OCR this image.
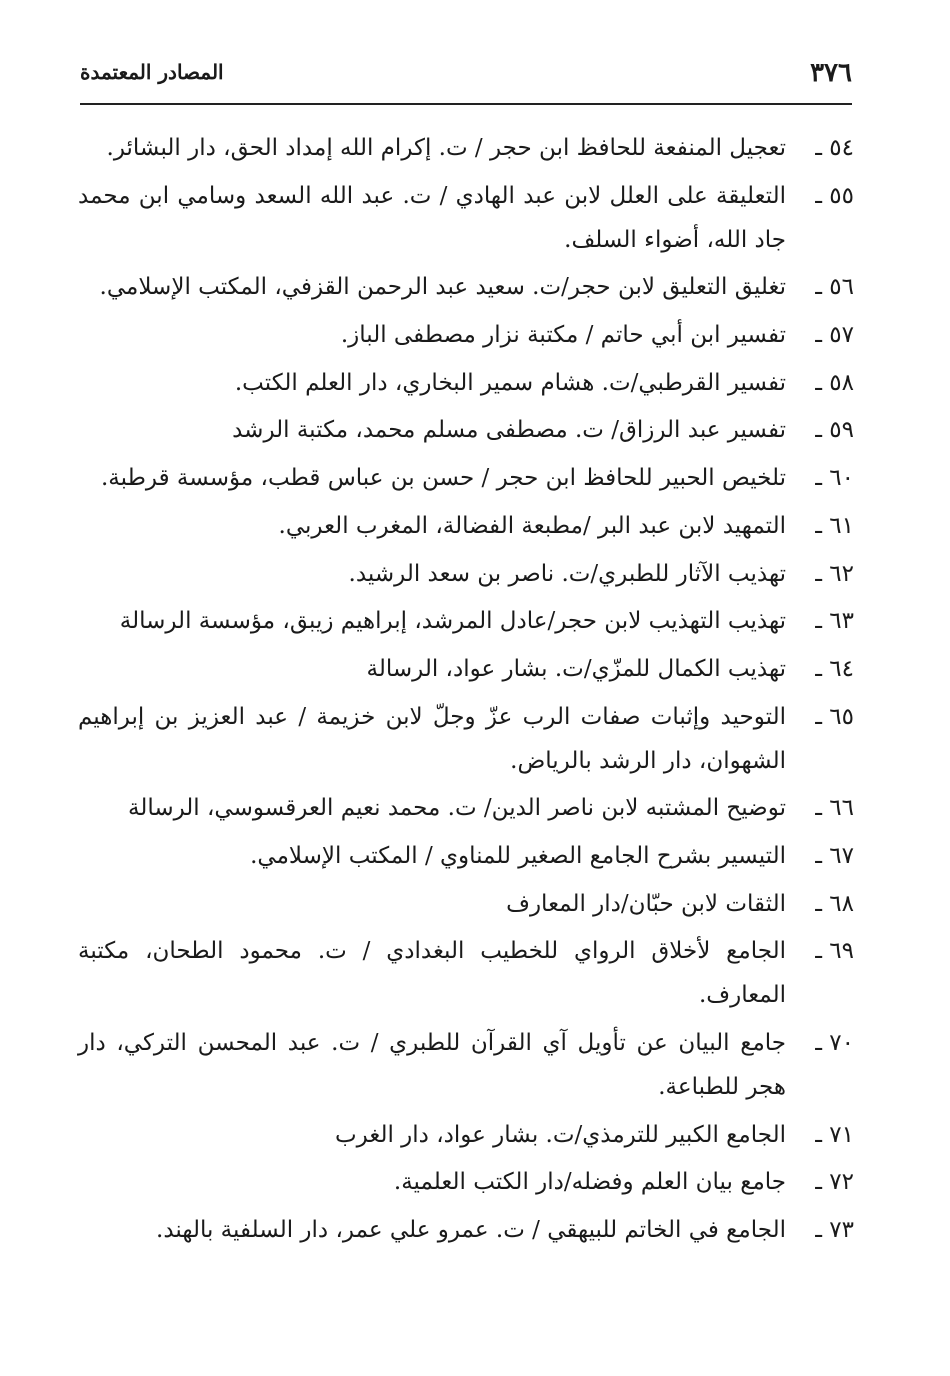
٣٧٦
المصادر المعتمدة
٥٤ ـ
تعجيل المنفعة للحافظ ابن حجر / ت. إكرام الله إمداد الحق، دار البشائر.
٥٥ ـ
التعليقة على العلل لابن عبد الهادي / ت. عبد الله السعد وسامي ابن محمد جاد الله، أضواء السلف.
٥٦ ـ
تغليق التعليق لابن حجر/ت. سعيد عبد الرحمن القزفي، المكتب الإسلامي.
٥٧ ـ
تفسير ابن أبي حاتم / مكتبة نزار مصطفى الباز.
٥٨ ـ
تفسير القرطبي/ت. هشام سمير البخاري، دار العلم الكتب.
٥٩ ـ
تفسير عبد الرزاق/ ت. مصطفى مسلم محمد، مكتبة الرشد
٦٠ ـ
تلخيص الحبير للحافظ ابن حجر / حسن بن عباس قطب، مؤسسة قرطبة.
٦١ ـ
التمهيد لابن عبد البر /مطبعة الفضالة، المغرب العربي.
٦٢ ـ
تهذيب الآثار للطبري/ت. ناصر بن سعد الرشيد.
٦٣ ـ
تهذيب التهذيب لابن حجر/عادل المرشد، إبراهيم زيبق، مؤسسة الرسالة
٦٤ ـ
تهذيب الكمال للمزّي/ت. بشار عواد، الرسالة
٦٥ ـ
التوحيد وإثبات صفات الرب عزّ وجلّ لابن خزيمة / عبد العزيز بن إبراهيم الشهوان، دار الرشد بالرياض.
٦٦ ـ
توضيح المشتبه لابن ناصر الدين/ ت. محمد نعيم العرقسوسي، الرسالة
٦٧ ـ
التيسير بشرح الجامع الصغير للمناوي / المكتب الإسلامي.
٦٨ ـ
الثقات لابن حبّان/دار المعارف
٦٩ ـ
الجامع لأخلاق الرواي للخطيب البغدادي / ت. محمود الطحان، مكتبة المعارف.
٧٠ ـ
جامع البيان عن تأويل آي القرآن للطبري / ت. عبد المحسن التركي، دار هجر للطباعة.
٧١ ـ
الجامع الكبير للترمذي/ت. بشار عواد، دار الغرب
٧٢ ـ
جامع بيان العلم وفضله/دار الكتب العلمية.
٧٣ ـ
الجامع في الخاتم للبيهقي / ت. عمرو علي عمر، دار السلفية بالهند.
